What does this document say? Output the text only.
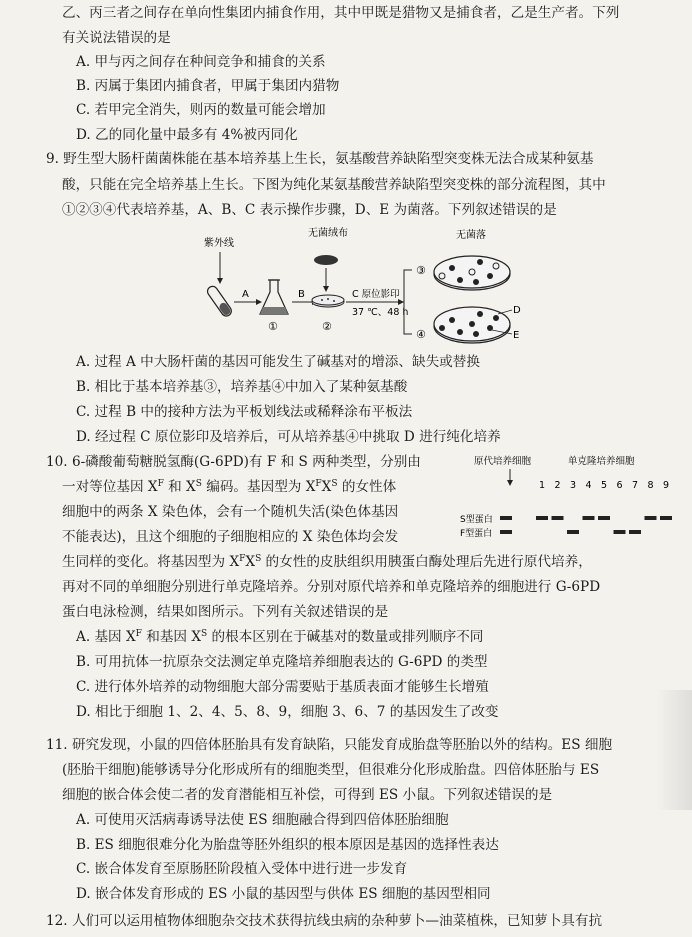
乙、丙三者之间存在单向性集团内捕食作用，其中甲既是猎物又是捕食者，乙是生产者。下列
有关说法错误的是
A. 甲与丙之间存在种间竞争和捕食的关系
B. 丙属于集团内捕食者，甲属于集团内猎物
C. 若甲完全消失，则丙的数量可能会增加
D. 乙的同化量中最多有 4%被丙同化
9. 野生型大肠杆菌菌株能在基本培养基上生长，氨基酸营养缺陷型突变株无法合成某种氨基
酸，只能在完全培养基上生长。下图为纯化某氨基酸营养缺陷型突变株的部分流程图，其中
①②③④代表培养基，A、B、C 表示操作步骤，D、E 为菌落。下列叙述错误的是
紫外线
A
①
B
无菌绒布
②
C 原位影印
37 ℃、48 h
③
无菌落
④
D
E
A. 过程 A 中大肠杆菌的基因可能发生了碱基对的增添、缺失或替换
B. 相比于基本培养基③，培养基④中加入了某种氨基酸
C. 过程 B 中的接种方法为平板划线法或稀释涂布平板法
D. 经过程 C 原位影印及培养后，可从培养基④中挑取 D 进行纯化培养
10. 6-磷酸葡萄糖脱氢酶(G-6PD)有 F 和 S 两种类型，分别由
一对等位基因 $X^F$ 和 $X^S$ 编码。基因型为 $X^FX^S$ 的女性体
细胞中的两条 X 染色体，会有一个随机失活(染色体基因
不能表达)，且这个细胞的子细胞相应的 X 染色体均会发
生同样的变化。将基因型为 $X^FX^S$ 的女性的皮肤组织用胰蛋白酶处理后先进行原代培养，
再对不同的单细胞分别进行单克隆培养。分别对原代培养和单克隆培养的细胞进行 G-6PD
蛋白电泳检测，结果如图所示。下列有关叙述错误的是
原代培养细胞	单克隆培养细胞
1 2 3 4 5 6 7 8 9
S型蛋白
F型蛋白
A. 基因 $X^F$ 和基因 $X^S$ 的根本区别在于碱基对的数量或排列顺序不同
B. 可用抗体一抗原杂交法测定单克隆培养细胞表达的 G-6PD 的类型
C. 进行体外培养的动物细胞大部分需要贴于基质表面才能够生长增殖
D. 相比于细胞 1、2、4、5、8、9，细胞 3、6、7 的基因发生了改变
11. 研究发现，小鼠的四倍体胚胎具有发育缺陷，只能发育成胎盘等胚胎以外的结构。ES 细胞
(胚胎干细胞)能够诱导分化形成所有的细胞类型，但很难分化形成胎盘。四倍体胚胎与 ES
细胞的嵌合体会使二者的发育潜能相互补偿，可得到 ES 小鼠。下列叙述错误的是
A. 可使用灭活病毒诱导法使 ES 细胞融合得到四倍体胚胎细胞
B. ES 细胞很难分化为胎盘等胚外组织的根本原因是基因的选择性表达
C. 嵌合体发育至原肠胚阶段植入受体中进行进一步发育
D. 嵌合体发育形成的 ES 小鼠的基因型与供体 ES 细胞的基因型相同
12. 人们可以运用植物体细胞杂交技术获得抗线虫病的杂种萝卜—油菜植株，已知萝卜具有抗
